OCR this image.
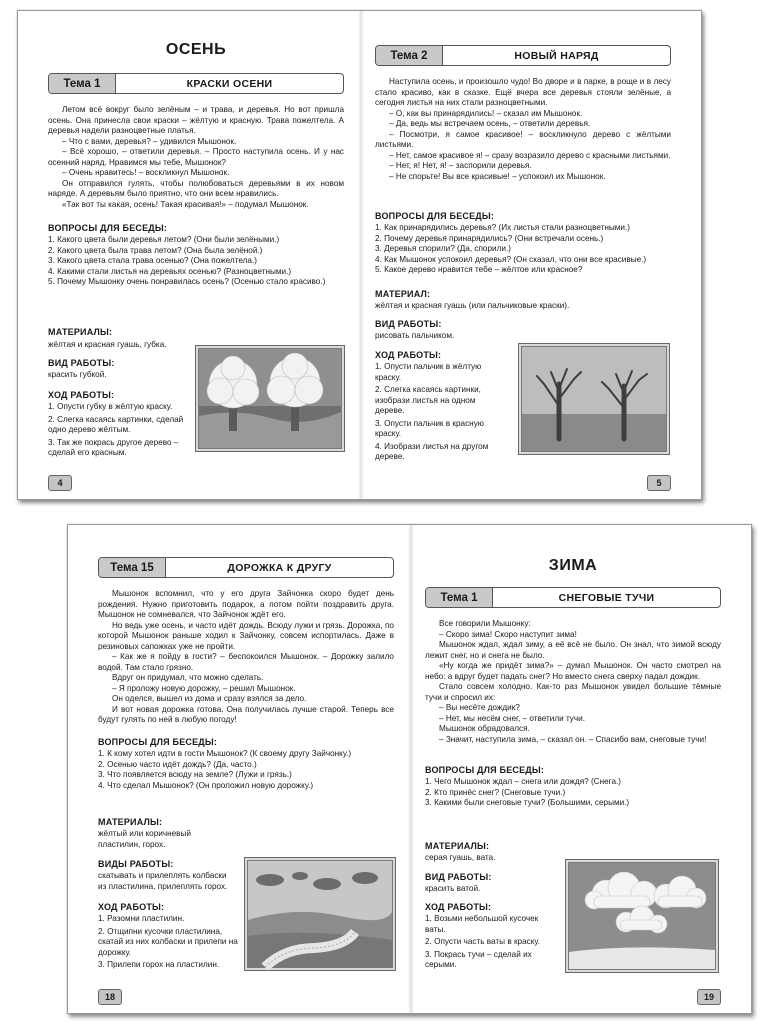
ОСЕНЬ
Тема 1	КРАСКИ ОСЕНИ

Летом всё вокруг было зелёным – и трава, и деревья. Но вот пришла осень. Она принесла свои краски – жёлтую и красную. Трава пожелтела. А деревья надели разноцветные платья.

– Что с вами, деревья? – удивился Мышонок.

– Всё хорошо, – ответили деревья. – Просто наступила осень. И у нас осенний наряд. Нравимся мы тебе, Мышонок?

– Очень нравитесь! – воскликнул Мышонок.

Он отправился гулять, чтобы полюбоваться деревьями в их новом наряде. А деревьям было приятно, что они всем нравились.

«Так вот ты какая, осень! Такая красивая!» – подумал Мышонок.

ВОПРОСЫ ДЛЯ БЕСЕДЫ:
1. Какого цвета были деревья летом? (Они были зелёными.)
2. Какого цвета была трава летом? (Она была зелёной.)
3. Какого цвета стала трава осенью? (Она пожелтела.)
4. Какими стали листья на деревьях осенью? (Разноцветными.)
5. Почему Мышонку очень понравилась осень? (Осенью стало красиво.)
МАТЕРИАЛЫ:
жёлтая и красная гуашь, губка.
ВИД РАБОТЫ:
красить губкой.
ХОД РАБОТЫ:
1. Опусти губку в жёлтую краску.
2. Слегка касаясь картинки, сделай одно дерево жёлтым.
3. Так же покрась другое дерево – сделай его красным.
4
Тема 2	НОВЫЙ НАРЯД

Наступила осень, и произошло чудо! Во дворе и в парке, в роще и в лесу стало красиво, как в сказке. Ещё вчера все деревья стояли зелёные, а сегодня листья на них стали разноцветными.

– О, как вы принарядились! – сказал им Мышонок.

– Да, ведь мы встречаем осень, – ответили деревья.

– Посмотри, я самое красивое! – воскликнуло дерево с жёлтыми листьями.

– Нет, самое красивое я! – сразу возразило дерево с красными листьями.

– Нет, я! Нет, я! – заспорили деревья.

– Не спорьте! Вы все красивые! – успокоил их Мышонок.

ВОПРОСЫ ДЛЯ БЕСЕДЫ:
1. Как принарядились деревья? (Их листья стали разноцветными.)
2. Почему деревья принарядились? (Они встречали осень.)
3. Деревья спорили? (Да, спорили.)
4. Как Мышонок успокоил деревья? (Он сказал, что они все красивые.)
5. Какое дерево нравится тебе – жёлтое или красное?
МАТЕРИАЛ:
жёлтая и красная гуашь (или пальчиковые краски).
ВИД РАБОТЫ:
рисовать пальчиком.
ХОД РАБОТЫ:
1. Опусти пальчик в жёлтую краску.
2. Слегка касаясь картинки, изобрази листья на одном дереве.
3. Опусти пальчик в красную краску.
4. Изобрази листья на другом дереве.
5
Тема 15	ДОРОЖКА К ДРУГУ

Мышонок вспомнил, что у его друга Зайчонка скоро будет день рождения. Нужно приготовить подарок, а потом пойти поздравить друга. Мышонок не сомневался, что Зайчонок ждёт его.

Но ведь уже осень, и часто идёт дождь. Всюду лужи и грязь. Дорожка, по которой Мышонок раньше ходил к Зайчонку, совсем испортилась. Даже в резиновых сапожках уже не пройти.

– Как же я пойду в гости? – беспокоился Мышонок. – Дорожку залило водой. Там стало грязно.

Вдруг он придумал, что можно сделать.

– Я проложу новую дорожку, – решил Мышонок.

Он оделся, вышел из дома и сразу взялся за дело.

И вот новая дорожка готова. Она получилась лучше старой. Теперь все будут гулять по ней в любую погоду!

ВОПРОСЫ ДЛЯ БЕСЕДЫ:
1. К кому хотел идти в гости Мышонок? (К своему другу Зайчонку.)
2. Осенью часто идёт дождь? (Да, часто.)
3. Что появляется всюду на земле? (Лужи и грязь.)
4. Что сделал Мышонок? (Он проложил новую дорожку.)
МАТЕРИАЛЫ:
жёлтый или коричневый пластилин, горох.
ВИДЫ РАБОТЫ:
скатывать и прилеплять колбаски из пластилина, прилеплять горох.
ХОД РАБОТЫ:
1. Разомни пластилин.
2. Отщипни кусочки пластилина, скатай из них колбаски и прилепи на дорожку.
3. Прилепи горох на пластилин.
18
ЗИМА
Тема 1	СНЕГОВЫЕ ТУЧИ

Все говорили Мышонку:

– Скоро зима! Скоро наступит зима!

Мышонок ждал, ждал зиму, а её всё не было. Он знал, что зимой всюду лежит снег, но и снега не было.

«Ну когда же придёт зима?» – думал Мышонок. Он часто смотрел на небо: а вдруг будет падать снег? Но вместо снега сверху падал дождик.

Стало совсем холодно. Как-то раз Мышонок увидел большие тёмные тучи и спросил их:

– Вы несёте дождик?

– Нет, мы несём снег, – ответили тучи.

Мышонок обрадовался.

– Значит, наступила зима, – сказал он. – Спасибо вам, снеговые тучи!

ВОПРОСЫ ДЛЯ БЕСЕДЫ:
1. Чего Мышонок ждал – снега или дождя? (Снега.)
2. Кто принёс снег? (Снеговые тучи.)
3. Какими были снеговые тучи? (Большими, серыми.)
МАТЕРИАЛЫ:
серая гуашь, вата.
ВИД РАБОТЫ:
красить ватой.
ХОД РАБОТЫ:
1. Возьми небольшой кусочек ваты.
2. Опусти часть ваты в краску.
3. Покрась тучи – сделай их серыми.
19
